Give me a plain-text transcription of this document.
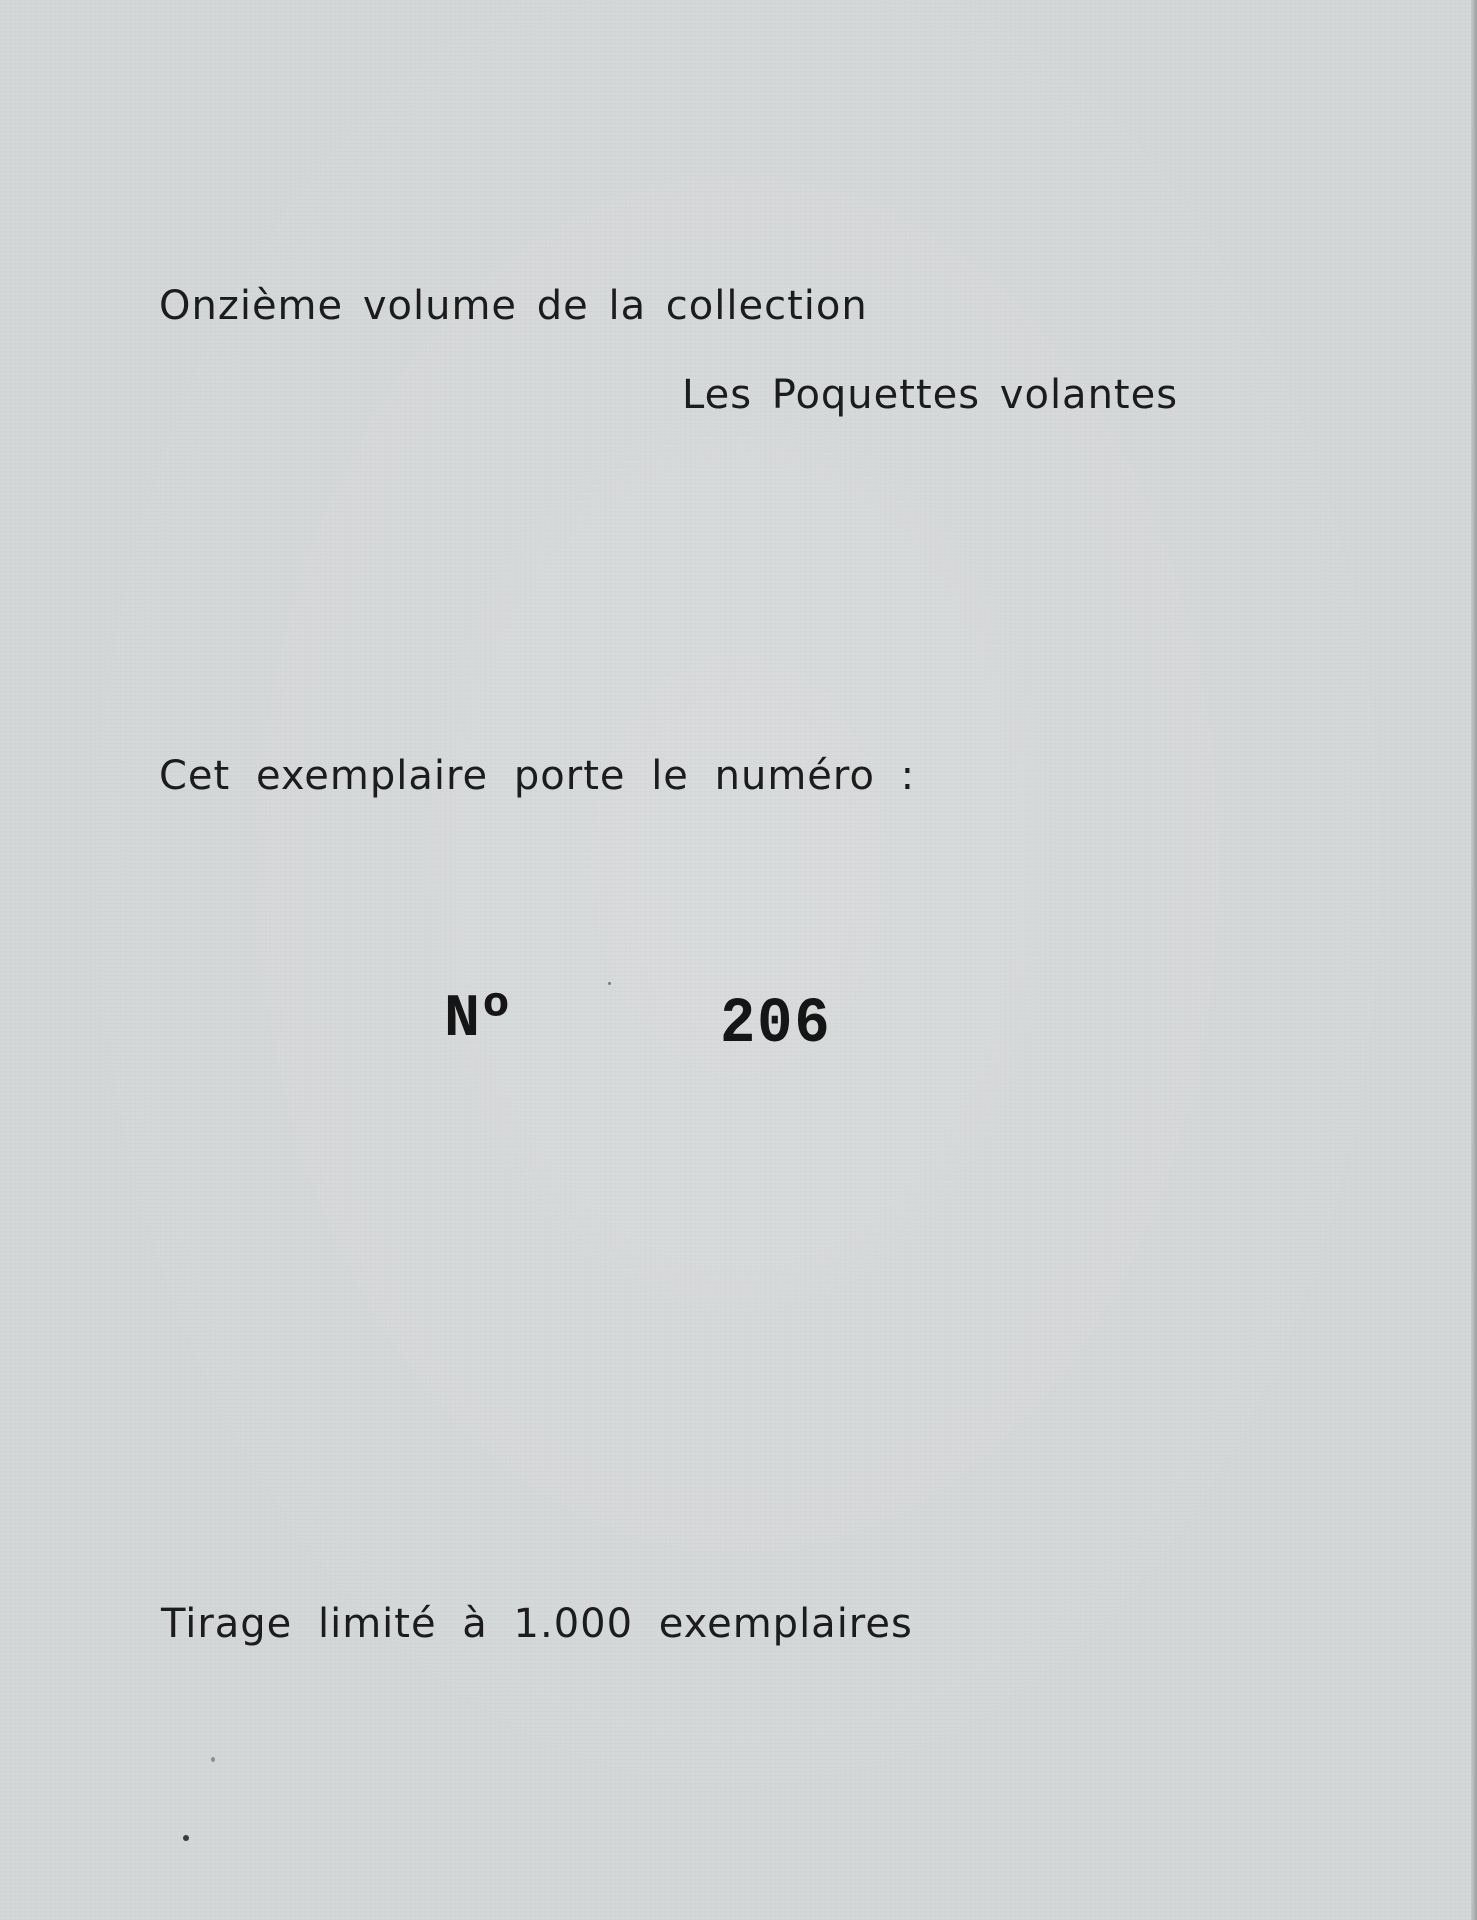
Onzième volume de la collection
Les Poquettes volantes
Cet exemplaire porte le numéro :
Nº	206
Tirage limité à 1.000 exemplaires
